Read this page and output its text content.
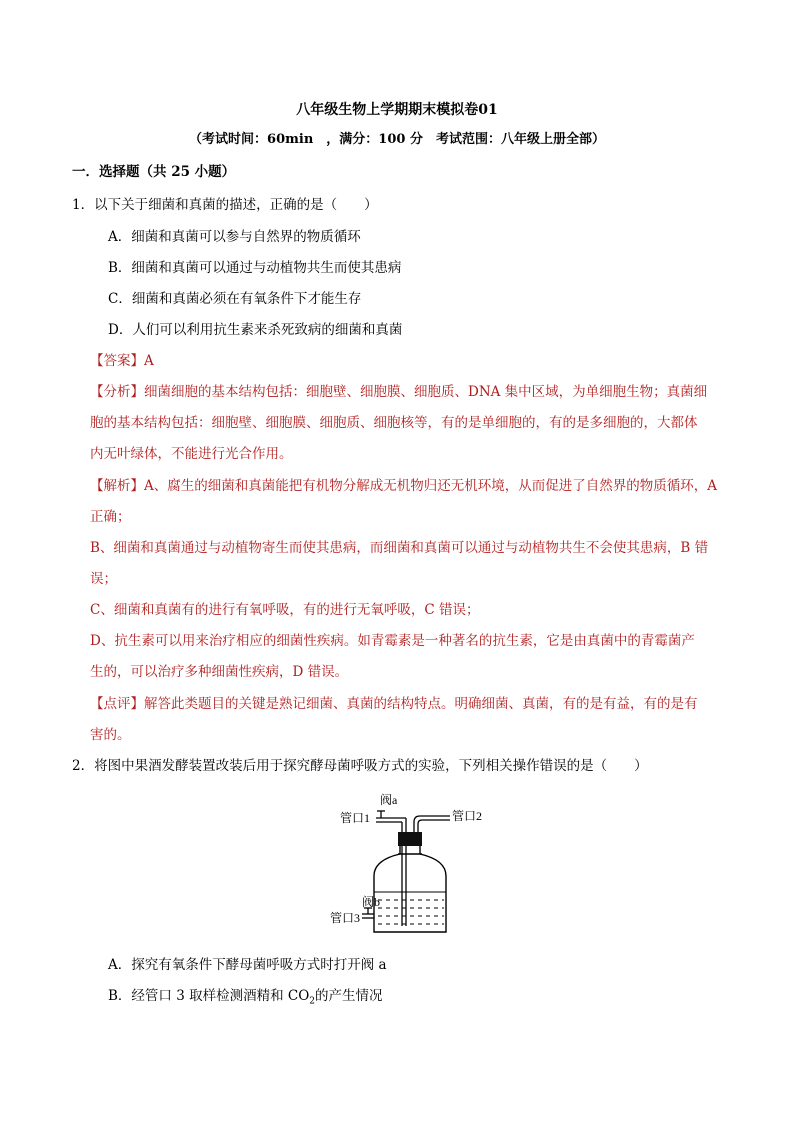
八年级生物上学期期末模拟卷01
（考试时间：60min　，满分：100 分　考试范围：八年级上册全部）
一．选择题（共 25 小题）
1．以下关于细菌和真菌的描述，正确的是（　　）
A．细菌和真菌可以参与自然界的物质循环
B．细菌和真菌可以通过与动植物共生而使其患病
C．细菌和真菌必须在有氧条件下才能生存
D．人们可以利用抗生素来杀死致病的细菌和真菌
【答案】A
【分析】细菌细胞的基本结构包括：细胞壁、细胞膜、细胞质、DNA 集中区域，为单细胞生物；真菌细
胞的基本结构包括：细胞壁、细胞膜、细胞质、细胞核等，有的是单细胞的，有的是多细胞的，大都体
内无叶绿体，不能进行光合作用。
【解析】A、腐生的细菌和真菌能把有机物分解成无机物归还无机环境，从而促进了自然界的物质循环，A
正确；
B、细菌和真菌通过与动植物寄生而使其患病，而细菌和真菌可以通过与动植物共生不会使其患病，B 错
误；
C、细菌和真菌有的进行有氧呼吸，有的进行无氧呼吸，C 错误；
D、抗生素可以用来治疗相应的细菌性疾病。如青霉素是一种著名的抗生素，它是由真菌中的青霉菌产
生的，可以治疗多种细菌性疾病，D 错误。
【点评】解答此类题目的关键是熟记细菌、真菌的结构特点。明确细菌、真菌，有的是有益，有的是有
害的。
2．将图中果酒发酵装置改装后用于探究酵母菌呼吸方式的实验，下列相关操作错误的是（　　）
阀a
管口1	管口2
阀b
管口3
A．探究有氧条件下酵母菌呼吸方式时打开阀 a
B．经管口 3 取样检测酒精和 $CO_2$的产生情况
